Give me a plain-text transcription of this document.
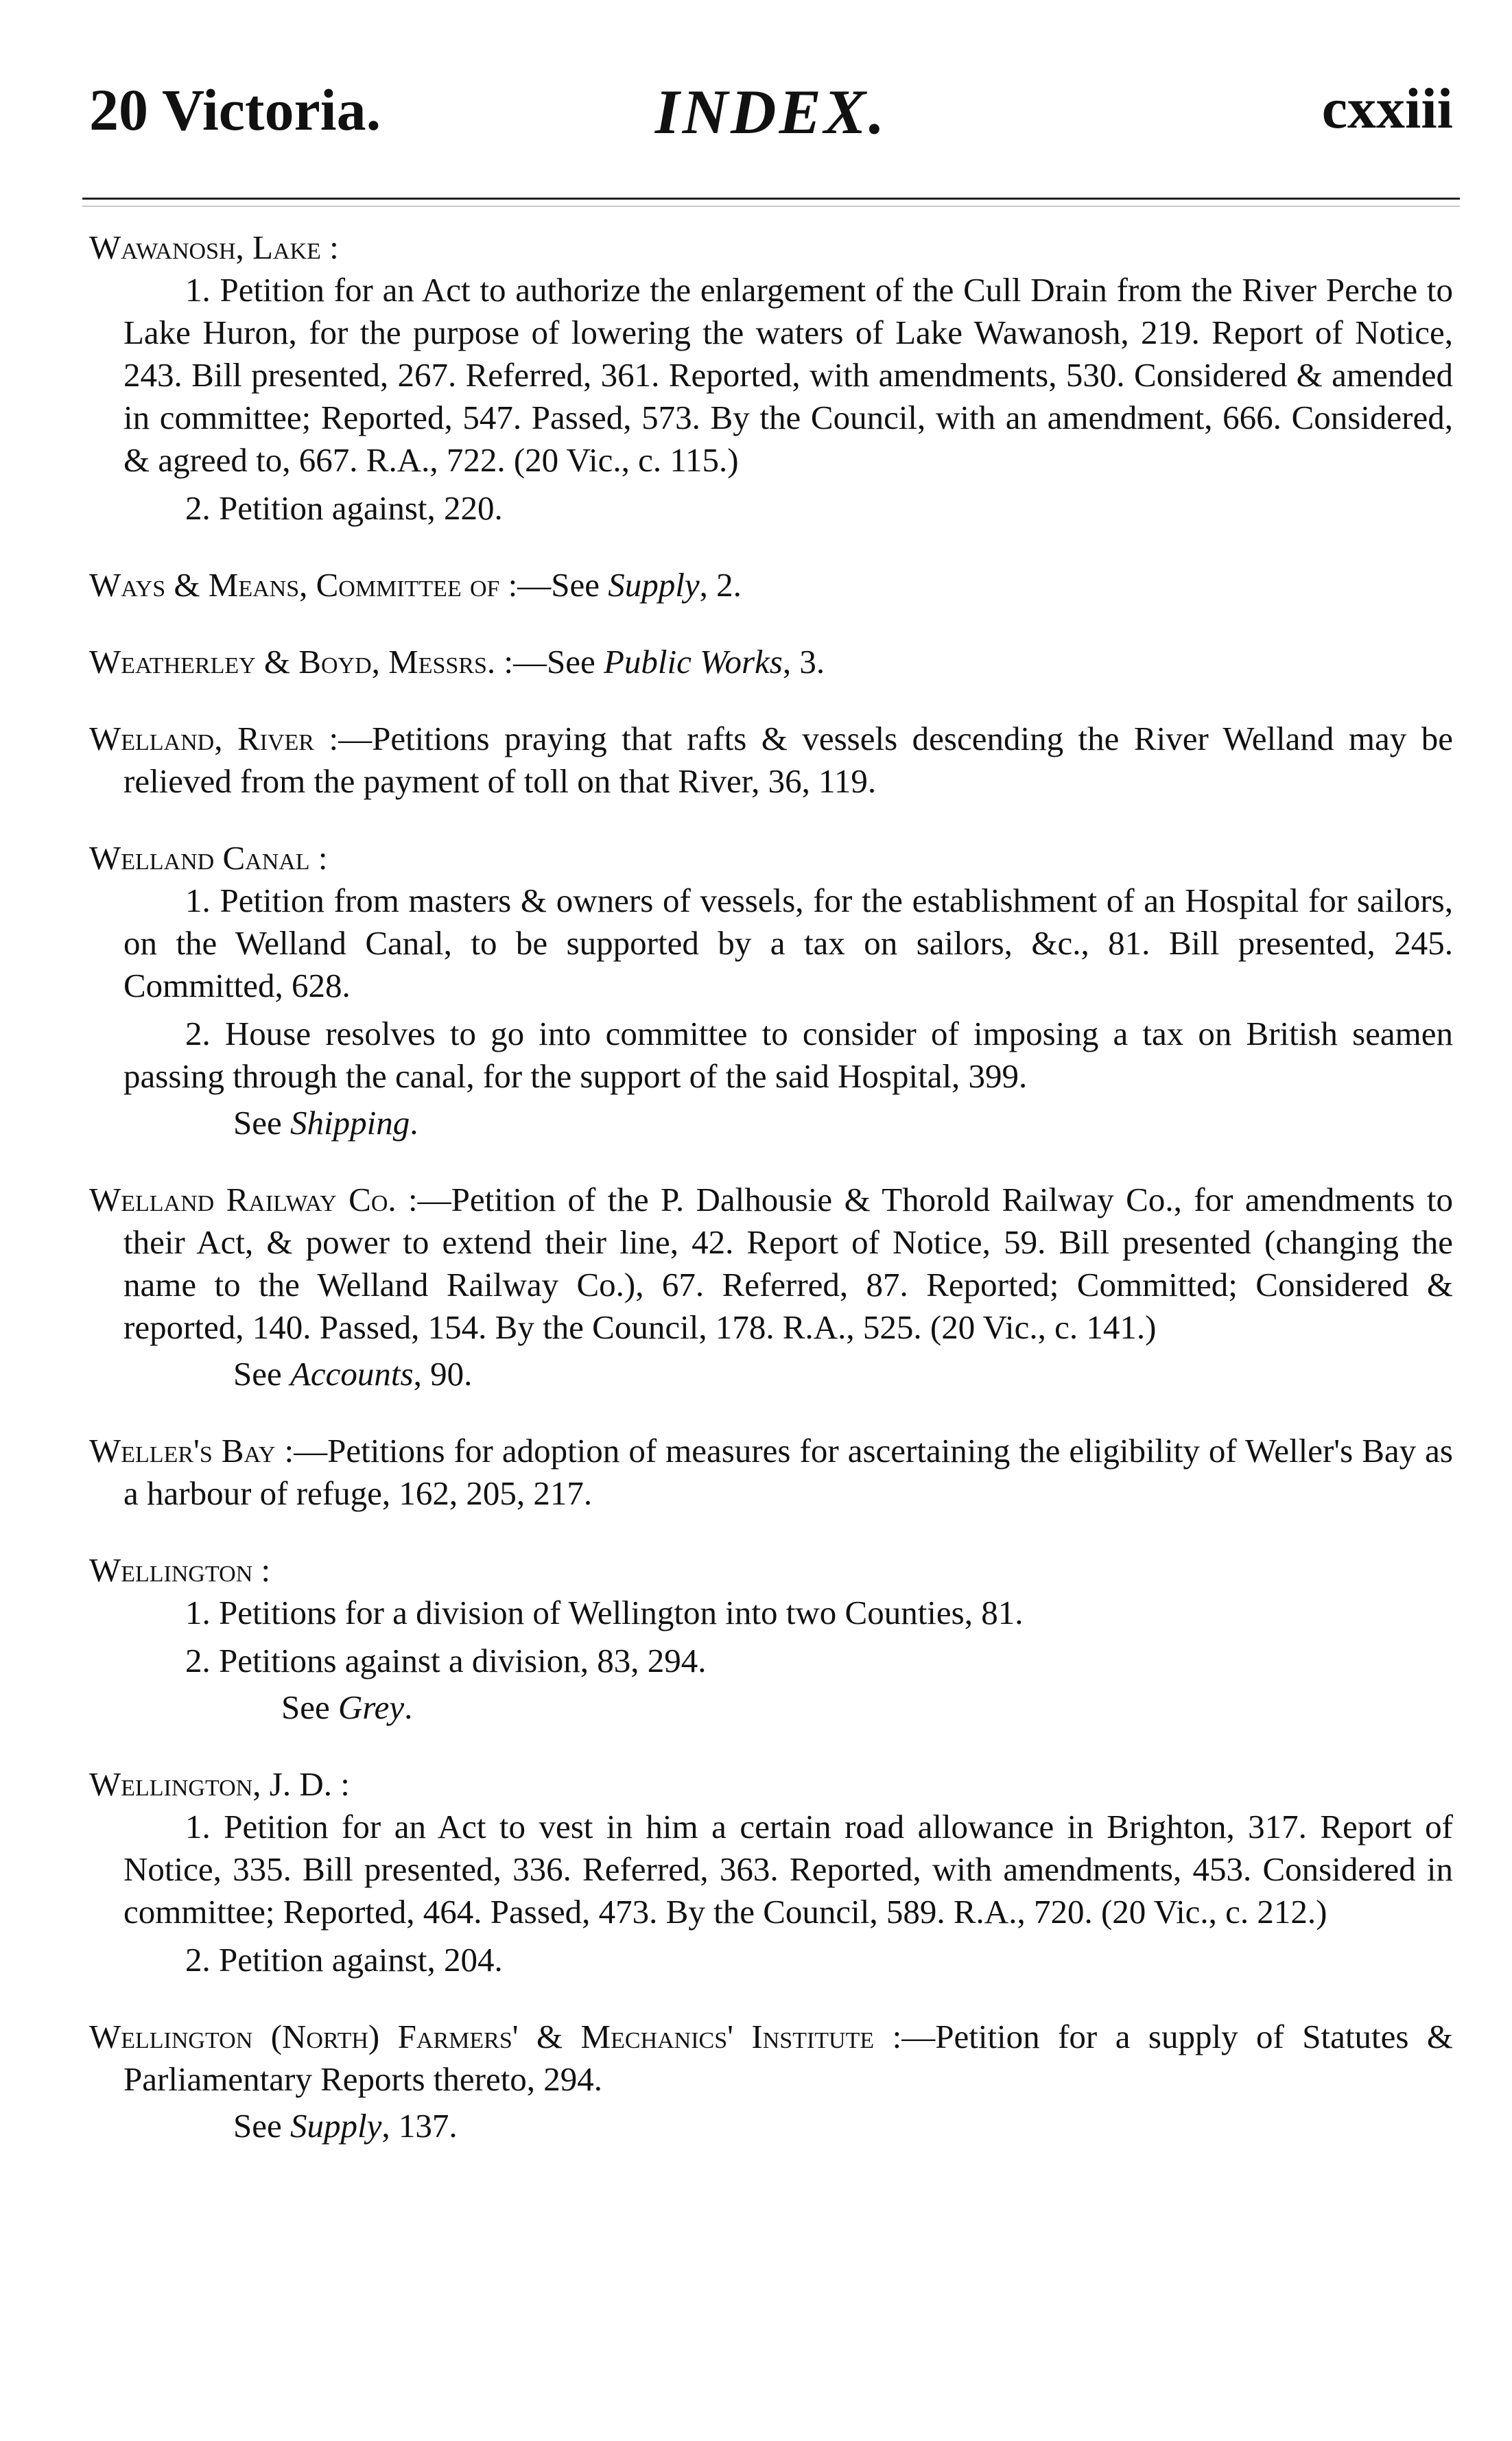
20 Victoria.	INDEX.	cxxiii
Wawanosh, Lake :
1. Petition for an Act to authorize the enlargement of the Cull Drain from the River Perche to Lake Huron, for the purpose of lowering the waters of Lake Wawanosh, 219. Report of Notice, 243. Bill presented, 267. Referred, 361. Reported, with amendments, 530. Considered & amended in committee; Reported, 547. Passed, 573. By the Council, with an amendment, 666. Considered, & agreed to, 667. R.A., 722. (20 Vic., c. 115.)
2. Petition against, 220.
Ways & Means, Committee of :—See Supply, 2.
Weatherley & Boyd, Messrs. :—See Public Works, 3.
Welland, River :—Petitions praying that rafts & vessels descending the River Welland may be relieved from the payment of toll on that River, 36, 119.
Welland Canal :
1. Petition from masters & owners of vessels, for the establishment of an Hospital for sailors, on the Welland Canal, to be supported by a tax on sailors, &c., 81. Bill presented, 245. Committed, 628.
2. House resolves to go into committee to consider of imposing a tax on British seamen passing through the canal, for the support of the said Hospital, 399.
See Shipping.
Welland Railway Co. :—Petition of the P. Dalhousie & Thorold Railway Co., for amendments to their Act, & power to extend their line, 42. Report of Notice, 59. Bill presented (changing the name to the Welland Railway Co.), 67. Referred, 87. Reported; Committed; Considered & reported, 140. Passed, 154. By the Council, 178. R.A., 525. (20 Vic., c. 141.)
See Accounts, 90.
Weller's Bay :—Petitions for adoption of measures for ascertaining the eligibility of Weller's Bay as a harbour of refuge, 162, 205, 217.
Wellington :
1. Petitions for a division of Wellington into two Counties, 81.
2. Petitions against a division, 83, 294.
See Grey.
Wellington, J. D. :
1. Petition for an Act to vest in him a certain road allowance in Brighton, 317. Report of Notice, 335. Bill presented, 336. Referred, 363. Reported, with amendments, 453. Considered in committee; Reported, 464. Passed, 473. By the Council, 589. R.A., 720. (20 Vic., c. 212.)
2. Petition against, 204.
Wellington (North) Farmers' & Mechanics' Institute :—Petition for a supply of Statutes & Parliamentary Reports thereto, 294.
See Supply, 137.
